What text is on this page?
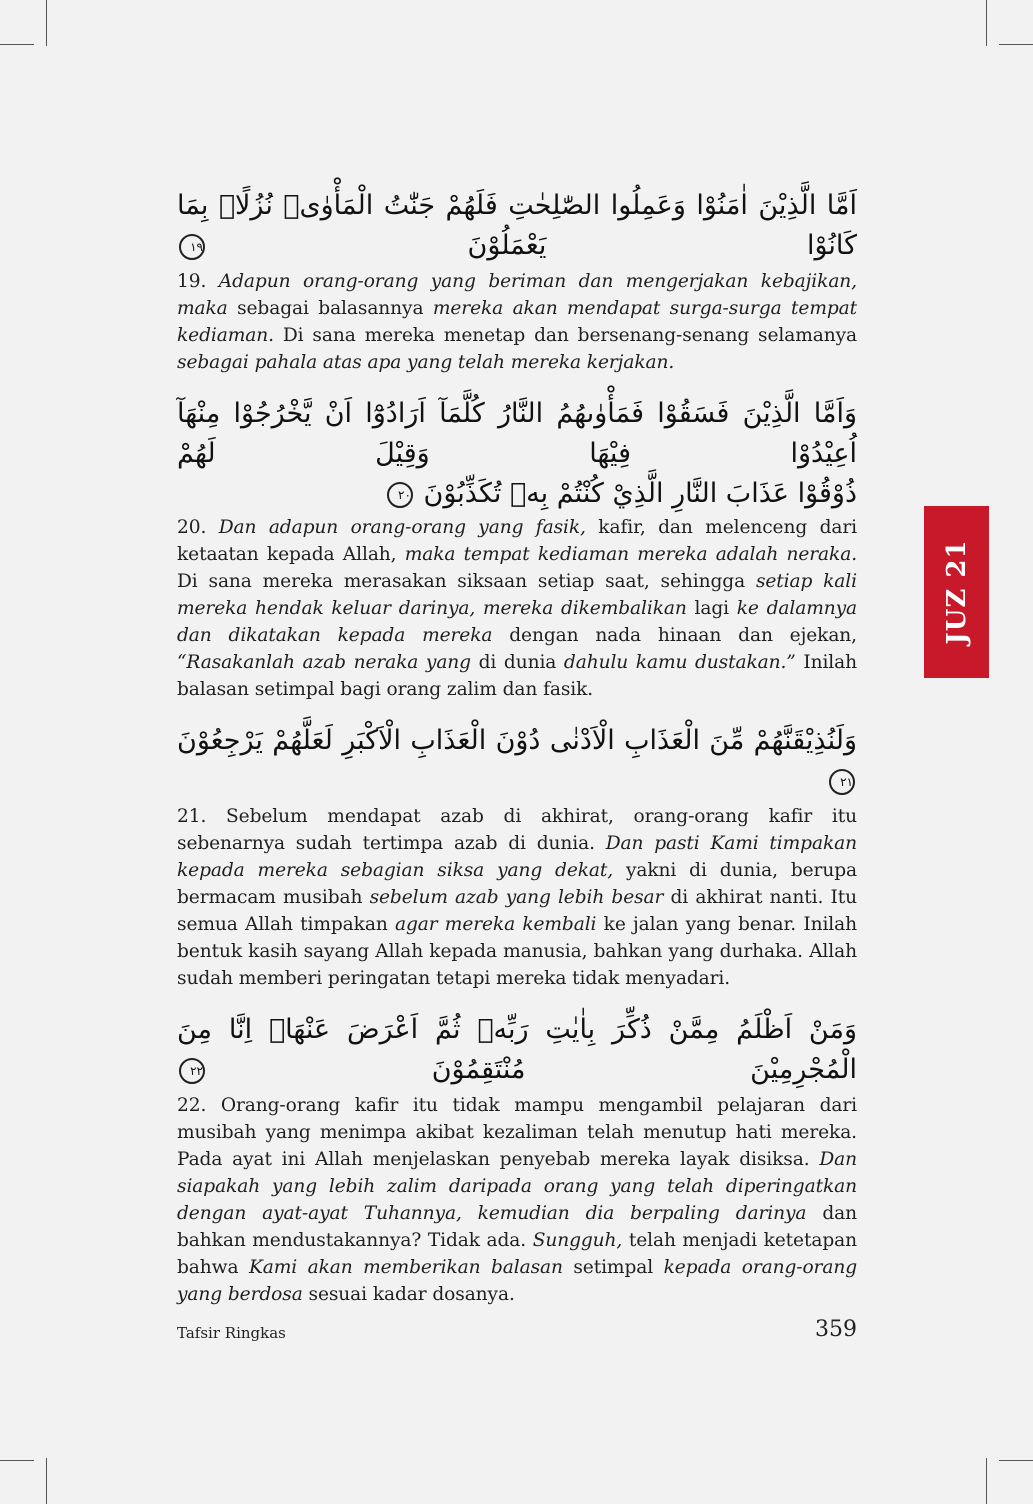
اَمَّا الَّذِيْنَ اٰمَنُوْا وَعَمِلُوا الصّٰلِحٰتِ فَلَهُمْ جَنّٰتُ الْمَأْوٰىۖ نُزُلًاۢ بِمَا كَانُوْا يَعْمَلُوْنَ ١٩

19. Adapun orang-orang yang beriman dan mengerjakan kebajikan, maka sebagai balasannya mereka akan mendapat surga-surga tempat kediaman. Di sana mereka menetap dan bersenang-senang selamanya sebagai pahala atas apa yang telah mereka kerjakan.

وَاَمَّا الَّذِيْنَ فَسَقُوْا فَمَأْوٰىهُمُ النَّارُ كُلَّمَآ اَرَادُوْٓا اَنْ يَّخْرُجُوْا مِنْهَآ اُعِيْدُوْا فِيْهَا وَقِيْلَ لَهُمْ
ذُوْقُوْا عَذَابَ النَّارِ الَّذِيْ كُنْتُمْ بِهٖ تُكَذِّبُوْنَ ٢٠

20. Dan adapun orang-orang yang fasik, kafir, dan melenceng dari ketaatan kepada Allah, maka tempat kediaman mereka adalah neraka. Di sana mereka merasakan siksaan setiap saat, sehingga setiap kali mereka hendak keluar darinya, mereka dikembalikan lagi ke dalamnya dan dikatakan kepada mereka dengan nada hinaan dan ejekan, “Rasakanlah azab neraka yang di dunia dahulu kamu dustakan.” Inilah balasan setimpal bagi orang zalim dan fasik.

وَلَنُذِيْقَنَّهُمْ مِّنَ الْعَذَابِ الْاَدْنٰى دُوْنَ الْعَذَابِ الْاَكْبَرِ لَعَلَّهُمْ يَرْجِعُوْنَ ٢١

21. Sebelum mendapat azab di akhirat, orang-orang kafir itu sebenarnya sudah tertimpa azab di dunia. Dan pasti Kami timpakan kepada mereka sebagian siksa yang dekat, yakni di dunia, berupa bermacam musibah sebelum azab yang lebih besar di akhirat nanti. Itu semua Allah timpakan agar mereka kembali ke jalan yang benar. Inilah bentuk kasih sayang Allah kepada manusia, bahkan yang durhaka. Allah sudah memberi peringatan tetapi mereka tidak menyadari.

وَمَنْ اَظْلَمُ مِمَّنْ ذُكِّرَ بِاٰيٰتِ رَبِّهٖ ثُمَّ اَعْرَضَ عَنْهَاۗ اِنَّا مِنَ الْمُجْرِمِيْنَ مُنْتَقِمُوْنَ ٢٢

22. Orang-orang kafir itu tidak mampu mengambil pelajaran dari musibah yang menimpa akibat kezaliman telah menutup hati mereka. Pada ayat ini Allah menjelaskan penyebab mereka layak disiksa. Dan siapakah yang lebih zalim daripada orang yang telah diperingatkan dengan ayat-ayat Tuhannya, kemudian dia berpaling darinya dan bahkan mendustakannya? Tidak ada. Sungguh, telah menjadi ketetapan bahwa Kami akan memberikan balasan setimpal kepada orang-orang yang berdosa sesuai kadar dosanya.

JUZ 21
Tafsir Ringkas	359
